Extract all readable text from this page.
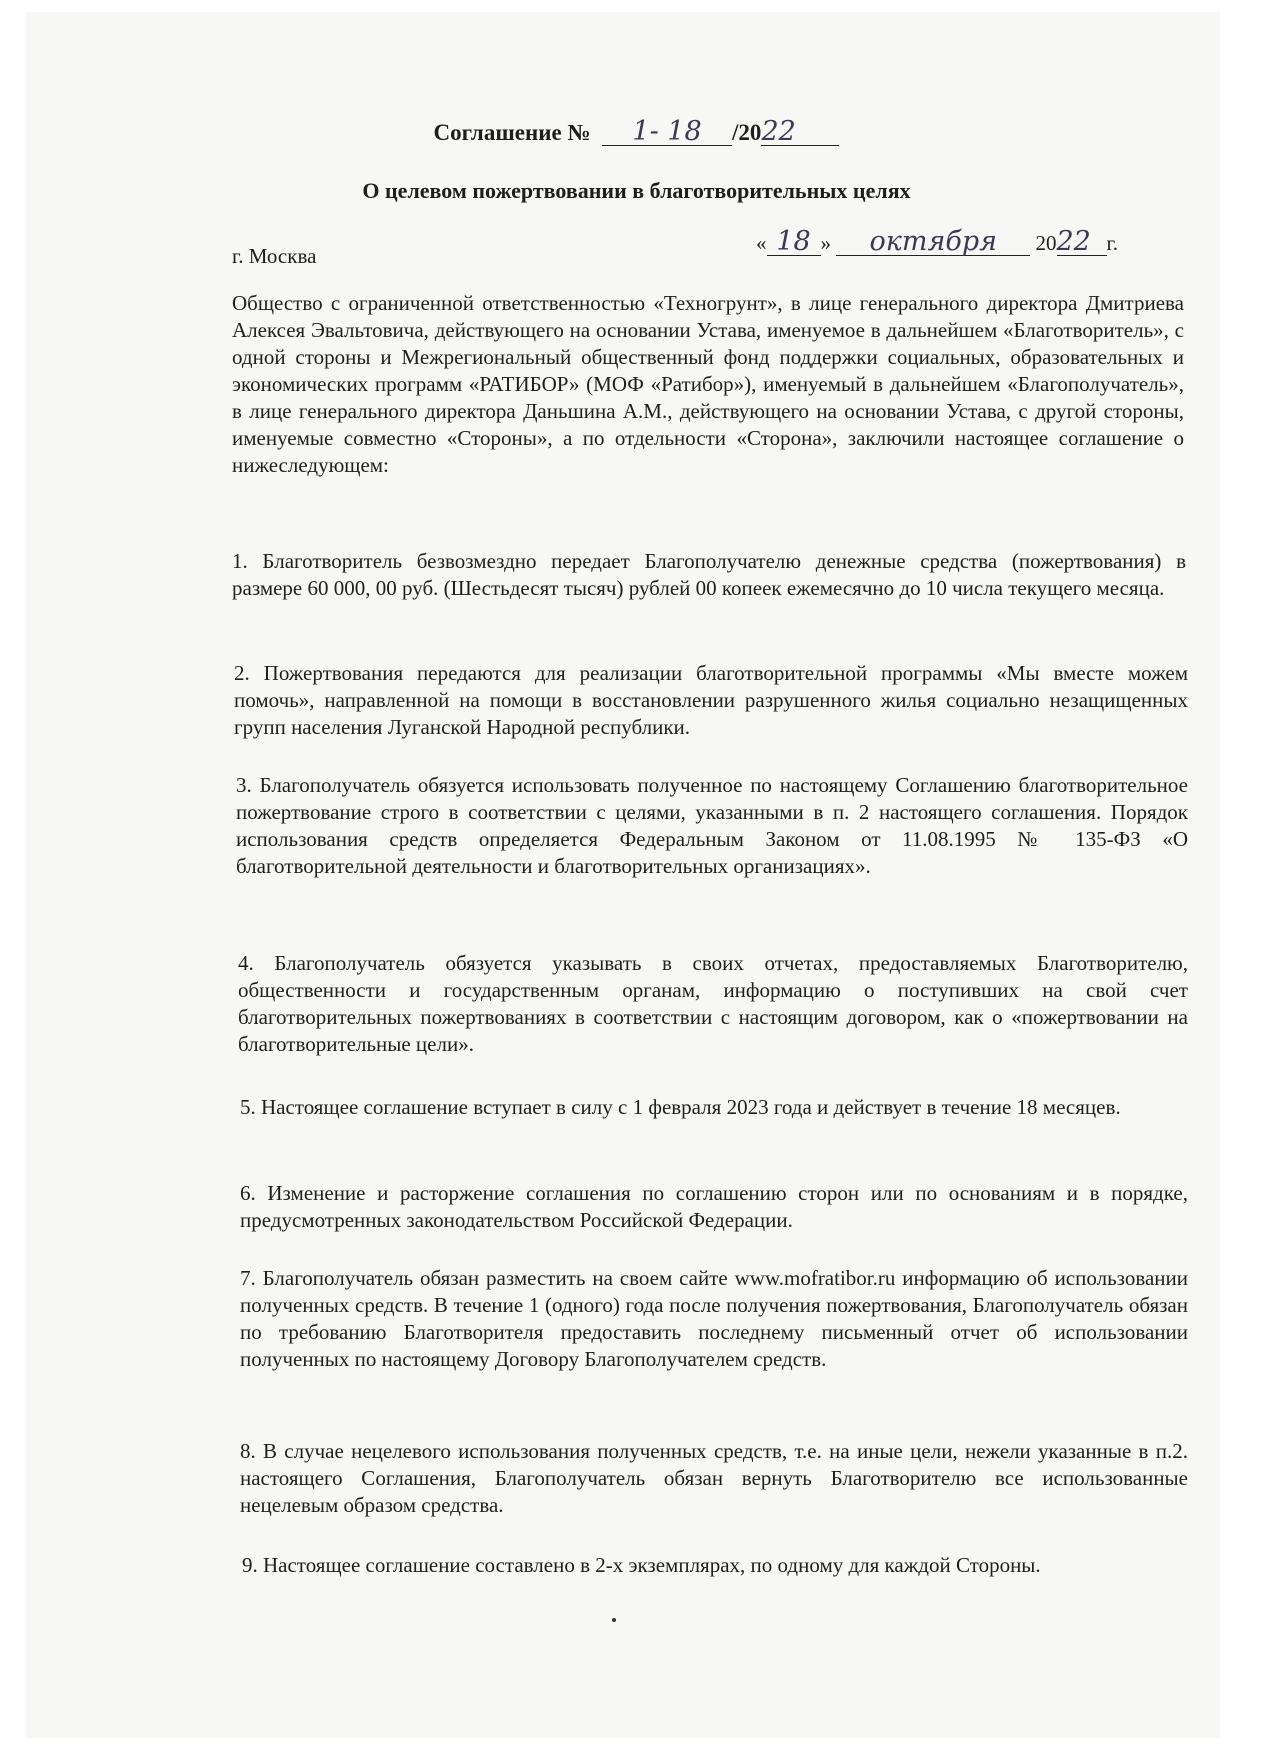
Соглашение № 1- 18 /2022
О целевом пожертвовании в благотворительных целях
г. Москва
« 18 » октября 2022 г.

Общество с ограниченной ответственностью «Техногрунт», в лице генерального директора Дмитриева Алексея Эвальтовича, действующего на основании Устава, именуемое в дальнейшем «Благотворитель», с одной стороны и Межрегиональный общественный фонд поддержки социальных, образовательных и экономических программ «РАТИБОР» (МОФ «Ратибор»), именуемый в дальнейшем «Благополучатель», в лице генерального директора Даньшина А.М., действующего на основании Устава, с другой стороны, именуемые совместно «Стороны», а по отдельности «Сторона», заключили настоящее соглашение о нижеследующем:

1. Благотворитель безвозмездно передает Благополучателю денежные средства (пожертвования) в размере 60 000, 00 руб. (Шестьдесят тысяч) рублей 00 копеек ежемесячно до 10 числа текущего месяца.

2. Пожертвования передаются для реализации благотворительной программы «Мы вместе можем помочь», направленной на помощи в восстановлении разрушенного жилья социально незащищенных групп населения Луганской Народной республики.

3. Благополучатель обязуется использовать полученное по настоящему Соглашению благотворительное пожертвование строго в соответствии с целями, указанными в п. 2 настоящего соглашения. Порядок использования средств определяется Федеральным Законом от 11.08.1995 № 135-ФЗ «О благотворительной деятельности и благотворительных организациях».

4. Благополучатель обязуется указывать в своих отчетах, предоставляемых Благотворителю, общественности и государственным органам, информацию о поступивших на свой счет благотворительных пожертвованиях в соответствии с настоящим договором, как о «пожертвовании на благотворительные цели».

5. Настоящее соглашение вступает в силу с 1 февраля 2023 года и действует в течение 18 месяцев.

6. Изменение и расторжение соглашения по соглашению сторон или по основаниям и в порядке, предусмотренных законодательством Российской Федерации.

7. Благополучатель обязан разместить на своем сайте www.mofratibor.ru информацию об использовании полученных средств. В течение 1 (одного) года после получения пожертвования, Благополучатель обязан по требованию Благотворителя предоставить последнему письменный отчет об использовании полученных по настоящему Договору Благополучателем средств.

8. В случае нецелевого использования полученных средств, т.е. на иные цели, нежели указанные в п.2. настоящего Соглашения, Благополучатель обязан вернуть Благотворителю все использованные нецелевым образом средства.

9. Настоящее соглашение составлено в 2-х экземплярах, по одному для каждой Стороны.
